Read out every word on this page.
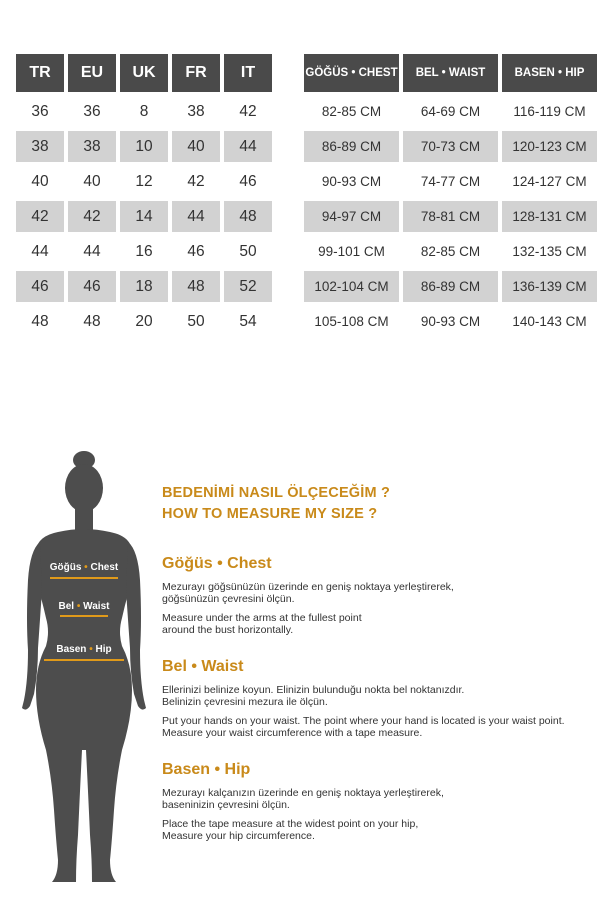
TR	EU	UK	FR	IT
36	36	8	38	42
38	38	10	40	44
40	40	12	42	46
42	42	14	44	48
44	44	16	46	50
46	46	18	48	52
48	48	20	50	54
GÖĞÜS • CHEST	BEL • WAIST	BASEN • HIP
82-85 CM	64-69 CM	116-119 CM
86-89 CM	70-73 CM	120-123 CM
90-93 CM	74-77 CM	124-127 CM
94-97 CM	78-81 CM	128-131 CM
99-101 CM	82-85 CM	132-135 CM
102-104 CM	86-89 CM	136-139 CM
105-108 CM	90-93 CM	140-143 CM
Göğüs • Chest
Bel • Waist
Basen • Hip
BEDENİMİ NASIL ÖLÇECEĞİM ?
HOW TO MEASURE MY SIZE ?
Göğüs • Chest
Mezurayı göğsünüzün üzerinde en geniş noktaya yerleştirerek,
göğsünüzün çevresini ölçün.
Measure under the arms at the fullest point
around the bust horizontally.
Bel • Waist
Ellerinizi belinize koyun. Elinizin bulunduğu nokta bel noktanızdır.
Belinizin çevresini mezura ile ölçün.
Put your hands on your waist. The point where your hand is located is your waist point.
Measure your waist circumference with a tape measure.
Basen • Hip
Mezurayı kalçanızın üzerinde en geniş noktaya yerleştirerek,
baseninizin çevresini ölçün.
Place the tape measure at the widest point on your hip,
Measure your hip circumference.
